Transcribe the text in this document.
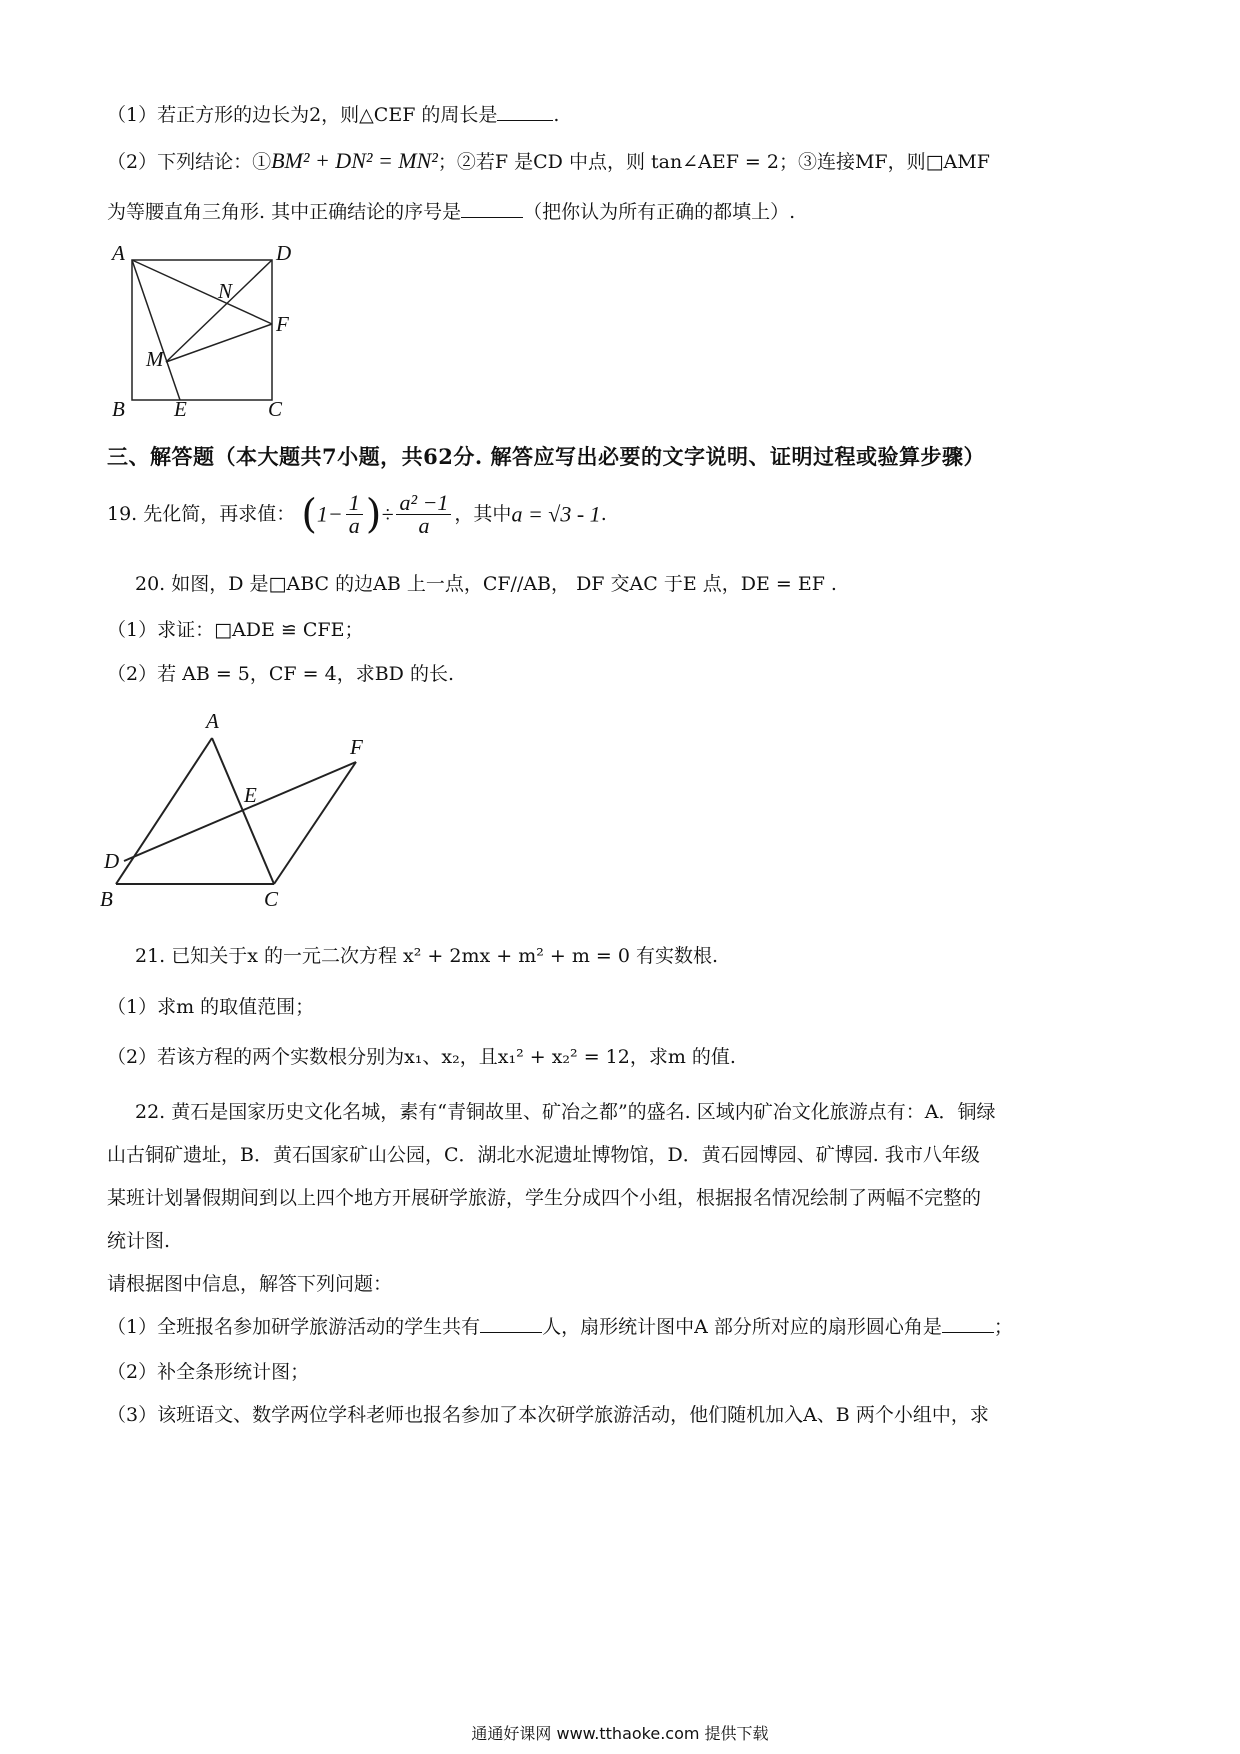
（1）若正方形的边长为2，则△CEF 的周长是	.
（2）下列结论：①BM² + DN² = MN²；②若F 是CD 中点，则 tan∠AEF = 2；③连接MF，则□AMF
为等腰直角三角形. 其中正确结论的序号是	（把你认为所有正确的都填上）.
A	D
N
F
M
B E	C
三、解答题（本大题共7小题，共62分. 解答应写出必要的文字说明、证明过程或验算步骤）
19. 先化简，再求值： ($1- \frac{1}{a}$ )÷ $\frac{\text{a² −1}}{a}$ ，其中a = √3 - 1.
20. 如图，D 是□ABC 的边AB 上一点，CF//AB， DF 交AC 于E 点，DE = EF .
（1）求证：□ADE ≌ CFE；
（2）若 AB = 5，CF = 4，求BD 的长.
A
F
E
D
B	C
21. 已知关于x 的一元二次方程 x² + 2mx + m² + m = 0 有实数根.
（1）求m 的取值范围；
（2）若该方程的两个实数根分别为x₁、x₂，且x₁² + x₂² = 12，求m 的值.
22. 黄石是国家历史文化名城，素有“青铜故里、矿冶之都”的盛名. 区域内矿冶文化旅游点有：A．铜绿
山古铜矿遗址，B．黄石国家矿山公园，C．湖北水泥遗址博物馆，D．黄石园博园、矿博园. 我市八年级
某班计划暑假期间到以上四个地方开展研学旅游，学生分成四个小组，根据报名情况绘制了两幅不完整的
统计图.
请根据图中信息，解答下列问题：
（1）全班报名参加研学旅游活动的学生共有	人，扇形统计图中A 部分所对应的扇形圆心角是	；
（2）补全条形统计图；
（3）该班语文、数学两位学科老师也报名参加了本次研学旅游活动，他们随机加入A、B 两个小组中，求
通通好课网 www.tthaoke.com 提供下载
